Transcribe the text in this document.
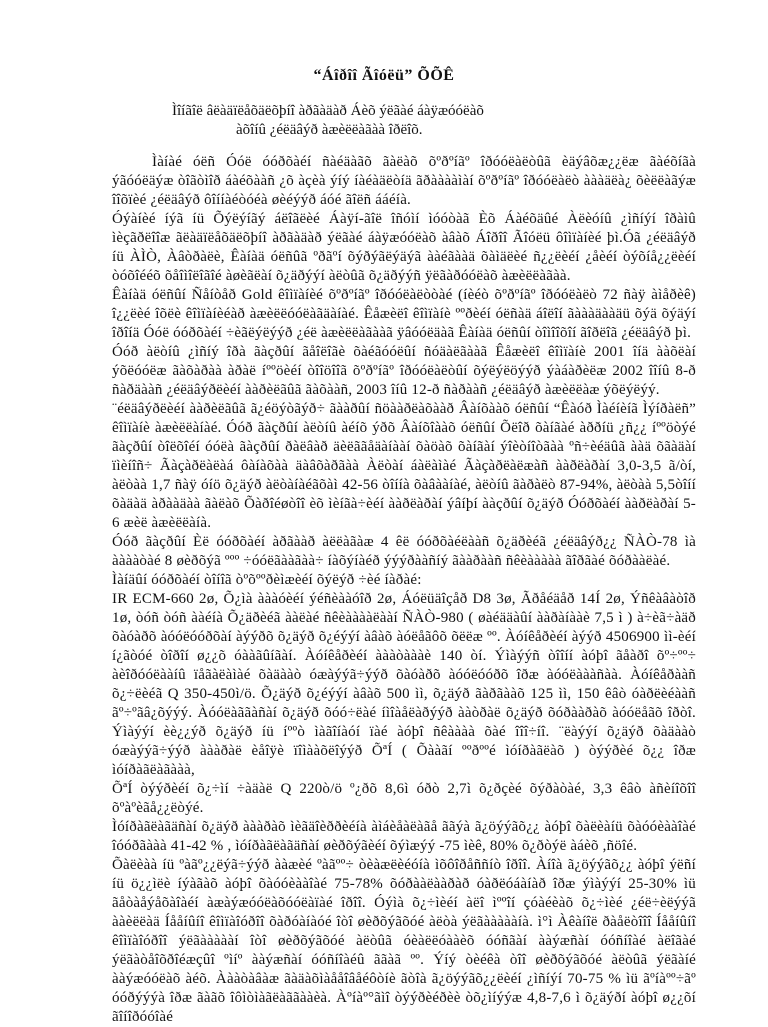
“Áîðîî Ãîóëü” ÕÕÊ
Ìîíãîë âëàäïëåõäëõþíî àðãàäàð Áèõ ýëãàé áàÿæóóëàõ
àõîíû ¿éëäâýð àæèëëàãàà îðëîõ.

Ìàíàé óëñ Óóë óóðõàéí ñàéäàãõ ãàëàõ õºðºíãº îðóóëàëòûã èäýâõæ¿¿ëæ ãàéõíãà ýãóóëäýæ òîãòìîð áàéõààñ ¿õ àçèà ýíý íàéàäëòíä ãðààààìàí õºðºíãº îðóóëàëò àààäëà¿ õèëëàãýæ îîõïèé ¿éëäâýð ôîííàéòóéà øèéýýð áóé ãîëñ ááéíà.

Óýàíèé íýã íü Õýëýíãý áëîãëèé Áàÿí-ãîë îñóìí ìóóòàã Èõ Áàéõäûé Àëèóíû ¿ìñíýí îðàìû ìèçãðëîîæ ãëàäïëåõäëõþíî àðãàäàð ýëãàé áàÿæóóëàõ àâàõ Áîðîî Ãîóëü ôîìïàíèé þì.Óã ¿éëäâýð íü ÀÌÒ, Àâòðàëè, Êàíàä óëñûã ºðãºí õýðýãëýäýã ààéãààä õàìäëèé ñ¿¿ëèéí ¿åèéí òýõíå¿¿ëèéí òóõîééõ õåîìîëîãîé àøèãëàí õ¿äðýýí àëòûã õ¿äðýýñ ÿëãàðóóëàõ àæèëëàãàà.

Êàíàä óëñûí Ñåíòåð Gold êîìïàíèé õºðºíãº îðóóëàëòòàé (íèéò õºðºíãº îðóóëàëò 72 ñàÿ àìåðèê) î¿¿ëèé îõëè êîìïàíèéàð àæèëëóóëàãäàíàé. Êåæèëî êîìïàíè ººðèéí óëñàä áîëîí ãàààäààäü õýä õýäýí îðîíä Óóë óóðõàéí ÷èãëýëýýð ¿éë àæèëëàãààã ÿâóóëäàã Êàíàä óëñûí òîìîîõîí ãîðëîã ¿éëäâýð þì.

Óóð àëòíû ¿ìñíý îðà ãàçðûí ãåîëîãè õàéãóóëûí ñóäàëãààã Êåæèëî êîìïàíè 2001 îíä ààõëàí ýõëóóëæ ãàõàðàà àðàë íººöèéí òîîöîîã õºðºíãº îðóóëàëòûí õýëýëöýýð ýàáàðèëæ 2002 îîíû 8-ð ñàðäààñ ¿éëäâýðëèéí ààðèëãûã ãàõààñ, 2003 îíû 12-ð ñàðààñ ¿éëäâýð àæèëëàæ ýõëýëýý.

¨éëäâýðëèéí ààðèëãûã ã¿éöýòãýð÷ ãààðûí ñöààðëàõààð Âàíõààõ óëñûí “Êàóð Ìàéíèíã Ìýíðàëñ” êîìïàíè àæèëëàíàé. Óóð ãàçðûí àëòíû àéíõ ýðõ Âàíõîààõ óëñûí Õëîð õàíãàé àððíü ¿ñ¿¿ íººöòýé ãàçðûí òîëõîéí óóëà ãàçðûí ðàëâàð äèëããåäàíààí õàöàõ õàíãàí ýîèòíîòãàà ºñ÷èéäûã ààä õãàäàí ïìèíîñ÷ Ãàçàðëàëàá ôàíàõàà äàâõàðãàà Àëòàí áàëàìàé Ãàçàðëàëæàñ ààðëàðàí 3,0-3,5 ã/òí, àëòàà 1,7 ñàÿ óíö õ¿äýð àëòàíàéãõàì 42-56 òîííà õàâààíàé, àëòíû ãàðàëò 87-94%, àëòàà 5,5òîíí õàäàä àðààäàà ãàëàõ Õàðîéøòîî èõ ìèíãà÷èéí ààðëàðàí ýâíþí ààçðûí õ¿äýð Óóðõàéí ààðëàðàí 5-6 æèë àæèëëàíà.

Óóð ãàçðûí Èë óóðõàéí àðãààð àëëàãàæ 4 êë óóðõàéëààñ õ¿äðèéã ¿éëäâýð¿¿ ÑÀÒ-78 ìà ààààòàé 8 øèðõýã ººº ÷óóëãààãàà÷ íàõýíàéð ýýýðààñíý ãààðààñ ñêèààààà ãîðãàé õóðààëàé.

Ìàíäûí óóðõàéí òîíîã òºõººðèìæèéí õýëýð ÷èé íàðàé:

IR ECM-660 2ø, Õ¿ìà àààóèéí ýéñèààóîð 2ø, Áóëüäîçåð D8 3ø, Ãðåéäåð 14Í 2ø, Ýñêàâàòîð 1ø, òóñ òóñ ààéíà Õ¿äðèéã ààëàé ñêèààààëààí ÑÀÒ-980 ( øàéääàûí ààðàíààè 7,5 ì ) à÷èã÷àäð õàóàðõ àóóëóóðõàí àýýðõ õ¿äýð õ¿éýýí àâàõ àóëåãôõ õëëæ ºº. Àóíêåðèéí àýýð 4506900 ìì-èéí í¿ãòóé òîðîí ø¿¿õ óààãûíãàí. Àóíêåðèéí àààòàààè 140 òí. Ýìàýýñ òîîíí àóþî ãåàðî õº÷ºº÷ àèîðóóëààíû ïåãàëàìàé õàäààò óæàýýã÷ýýð õàóàðõ àóóëóóðõ îðæ àóóëàààñàà. Àóíêåðààñ õ¿÷ëèéã Q 350-450ì/ö. Õ¿äýð õ¿éýýí àâàõ 500 ìì, õ¿äýð ãàðãààõ 125 ìì, 150 êâò óàðëèéààñ ãº÷ºãâ¿õýýý. Àóóëàããàñàí õ¿äýð õóó÷ëàé íìîàåëàðýýð ààòðàë õ¿äýð õóðààðàõ àóóëåãõ îðòî. Ýìàýýí èè¿¿ýð õ¿äýð íü íººò ìàãîíàóí ïàé àóþî ñêàààà õàé îîî÷íî. ¨ëàýýí õ¿äýð õàäààò óæàýýã÷ýýð àààðàë èåîÿè ïîìààõëîýýð ÕªÍ ( Õààãí ººðººé ìóíðàãëàõ ) òýýðèé õ¿¿ îðæ ìóíðàãëàãààà,

ÕªÍ òýýðèéí õ¿÷ìí ÷àäàë Q 220ò/ö º¿ðõ 8,6ì óðò 2,7ì õ¿ðçèé õýðàòàé, 3,3 êâò àñèíîõîî õºàºèãå¿¿ëòýé.

Ìóíðàãëàãäñàí õ¿äýð àààðàõ ìèãäîèððèéíà àìáèåàëàãå ããýà ã¿öýýãõ¿¿ àóþî õàëèàíü õàóóèààîàé îóóðãààà 41-42 % , ìóíðàãëàãäñàí øèðõýãèéí õýìæýý ‑75 ìèê, 80% õ¿ðòýë àáèõ ,ñöîé.

Õàëèàà íü ºàãº¿¿ëýã÷ýýð ààæèé ºàãºº÷ òèàæëèéóíà ìõôîðåññíò îðîî. Àíîà ã¿öýýãõ¿¿ àóþî ýëñí íü ö¿¿ìëè íýàãàõ àóþî õàóóèààîàé 75-78% õóðààëààðàð óàðëóáàíàð îðæ ýìàýýí 25-30% ìü ãåòàåýåõàîàéí àæàýæóóëàõóóëàïàé îðîî. Óýìà õ¿÷ìèéí àëî ìººîí çóàéèàõ õ¿÷ìèé ¿éë÷èëýýã ààèëëàä Íååíûíî êîìïàîóðîî õàðóàíàóé îòî øèðõýãõóé àëòà ýëãàààààíà. ì°ì Àêàíîë ðàåëòîîî Íååíûíî êîìïàîóðîî ýëãàààààí îòî øèðõýãõóé àëòûã óèàëëóààèõ óóñãàí ààýæñàí óóñíîàé àëîãàé ýëãàòåîõðîéæçûî ºìíº ààýæñàí óóñíîàéû ããàã ºº. Ýíý òèéêà òîî øèðõýãõóé àëòûã ýëãàíé ààýæóóëàõ àéõ. Àààòàâàæ ãàäàõìàååîâåéôòíè ãòîà ã¿öýýãõ¿¿ëèéí ¿ìñíýí 70-75 % ìü ãºíàºº÷ãº óóðýýýà îðæ ãàãõ îôìòìàãëàããààèà. Àºíàº°ãìî òýýðèéðèè òõ¿ìíýýæ 4,8-7,6 ì õ¿äýðí àóþî ø¿¿õí ãîíîðóóîàé
